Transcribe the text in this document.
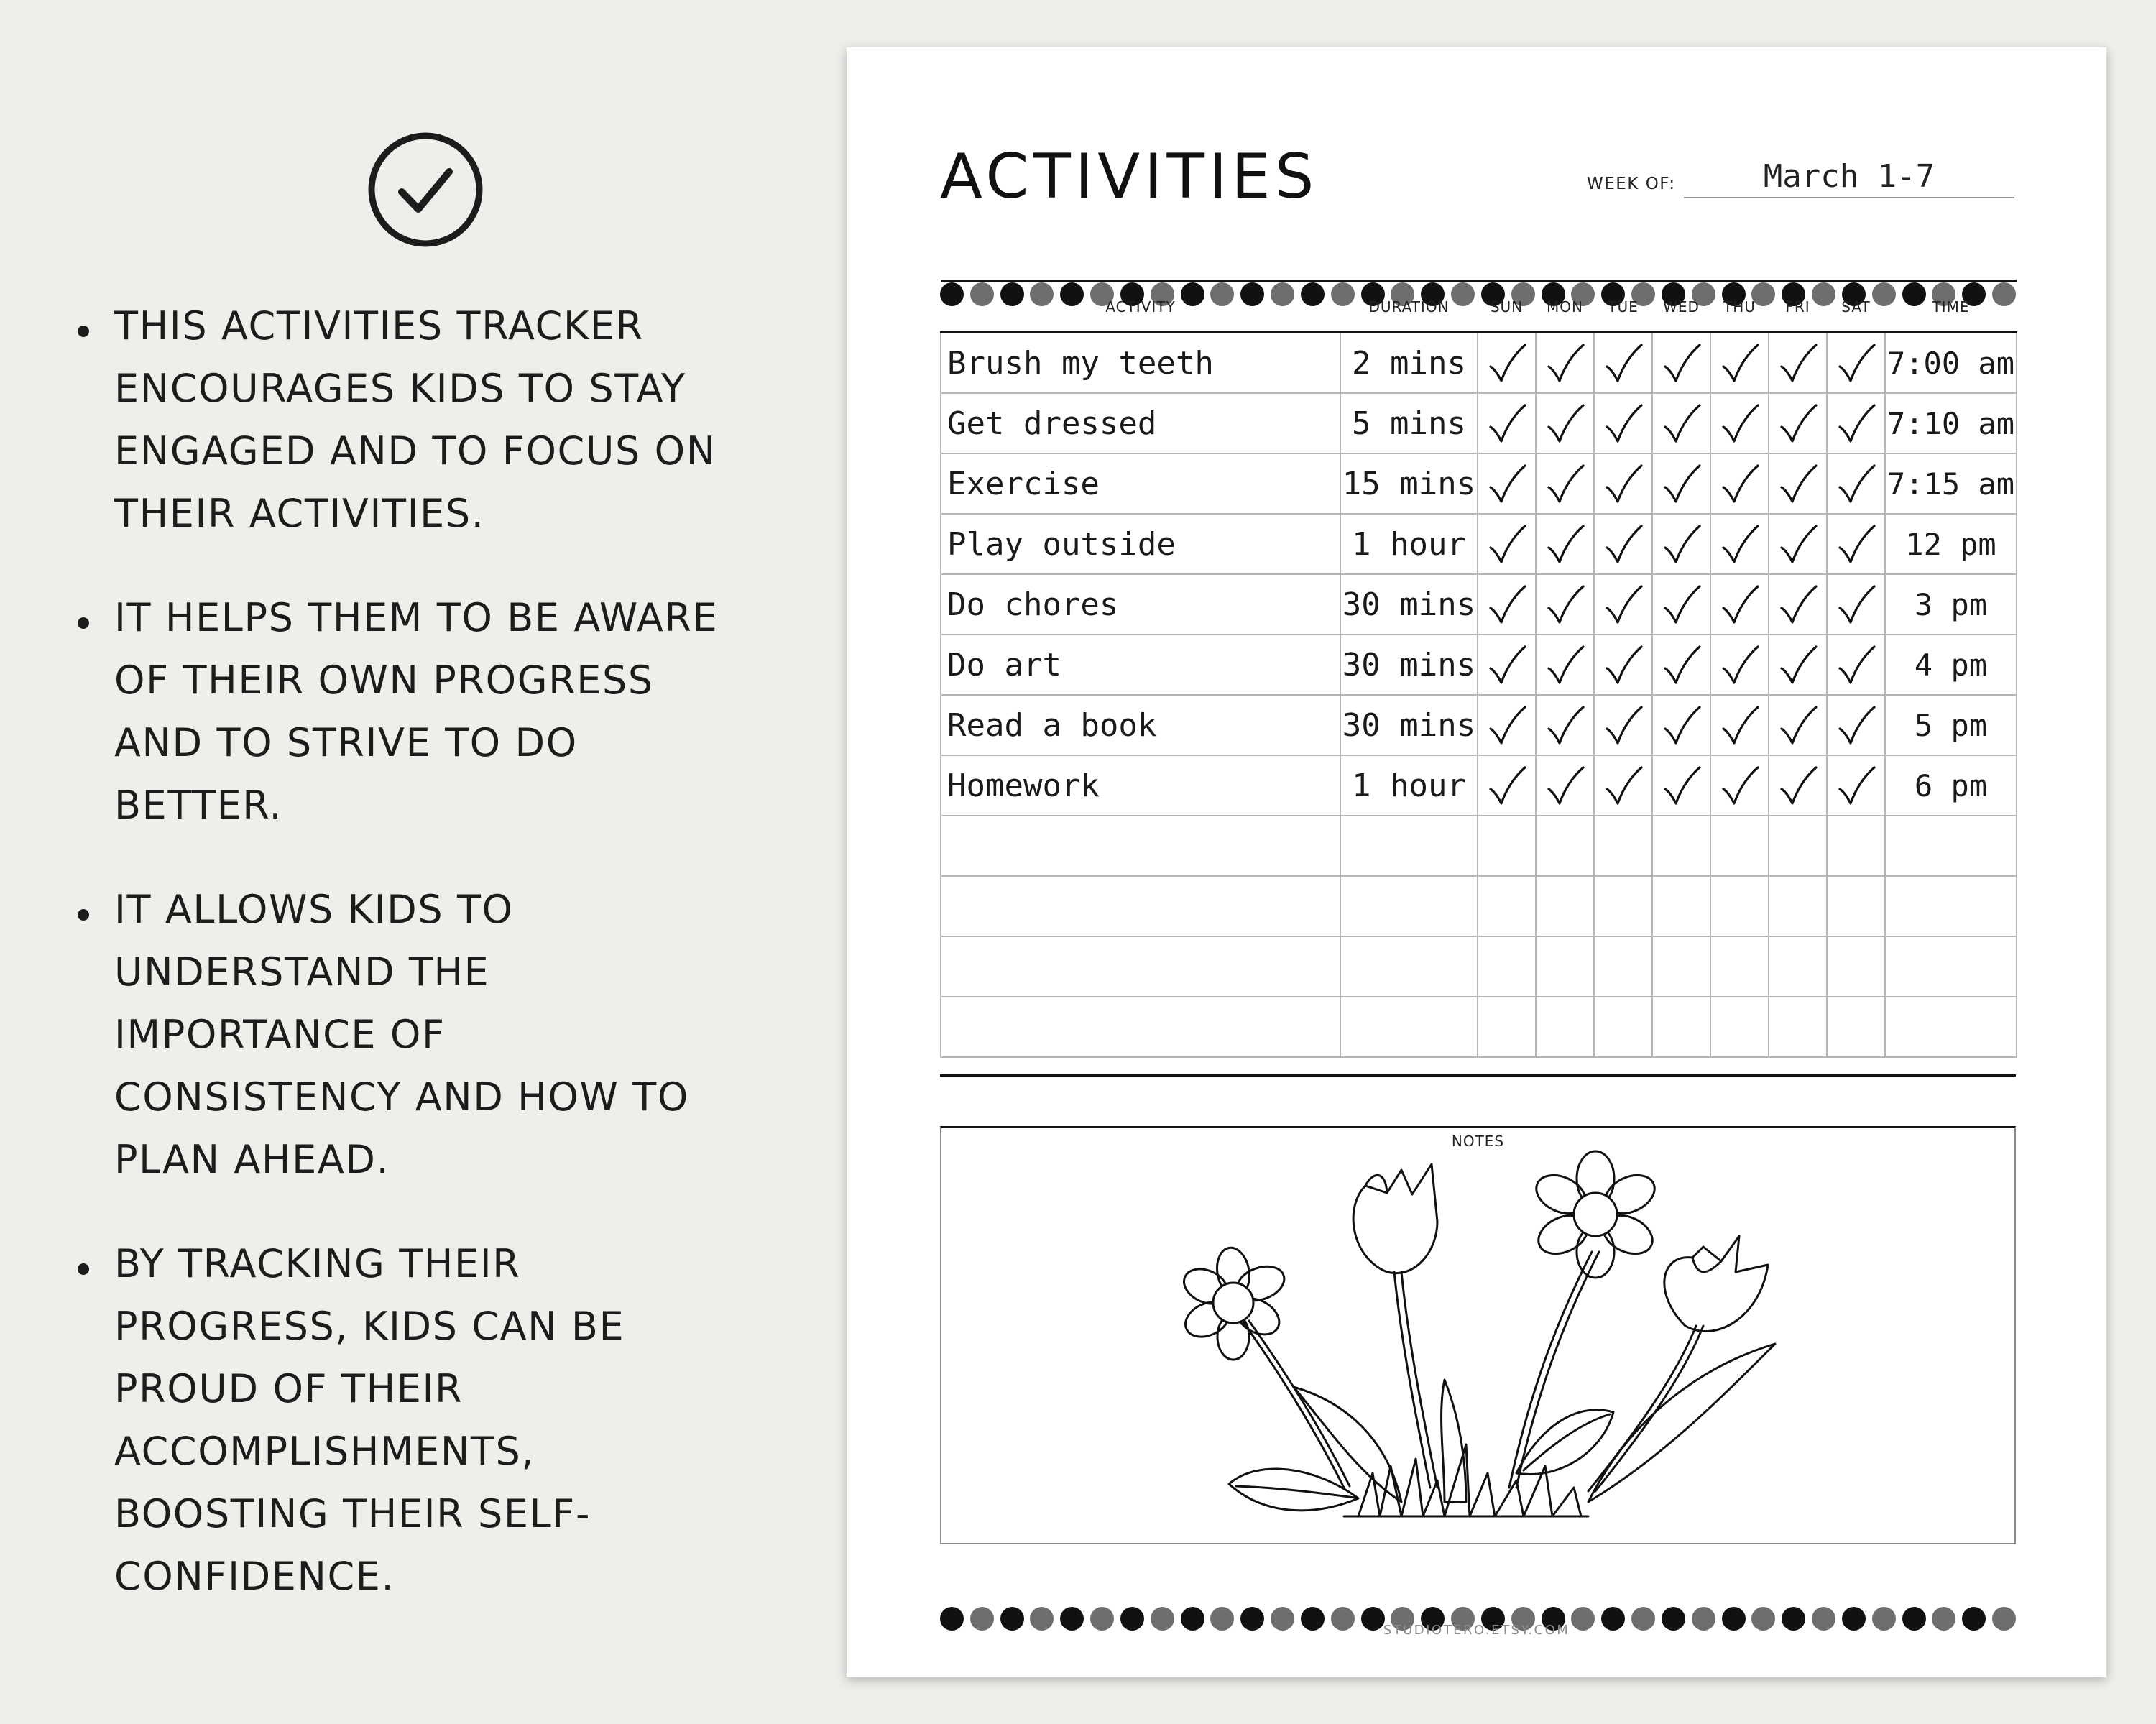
THIS ACTIVITIES TRACKER
ENCOURAGES KIDS TO STAY
ENGAGED AND TO FOCUS ON
THEIR ACTIVITIES.
IT HELPS THEM TO BE AWARE
OF THEIR OWN PROGRESS
AND TO STRIVE TO DO
BETTER.
IT ALLOWS KIDS TO
UNDERSTAND THE
IMPORTANCE OF
CONSISTENCY AND HOW TO
PLAN AHEAD.
BY TRACKING THEIR
PROGRESS, KIDS CAN BE
PROUD OF THEIR
ACCOMPLISHMENTS,
BOOSTING THEIR SELF-
CONFIDENCE.
ACTIVITIES	WEEK OF:	March 1-7
ACTIVITY	DURATION	SUN	MON	TUE	WED	THU	FRI	SAT	TIME
Brush my teeth	2 mins								7:00 am
Get dressed	5 mins								7:10 am
Exercise	15 mins								7:15 am
Play outside	1 hour								12 pm
Do chores	30 mins								3 pm
Do art	30 mins								4 pm
Read a book	30 mins								5 pm
Homework	1 hour								6 pm

NOTES
STUDIOTERO.ETSY.COM
